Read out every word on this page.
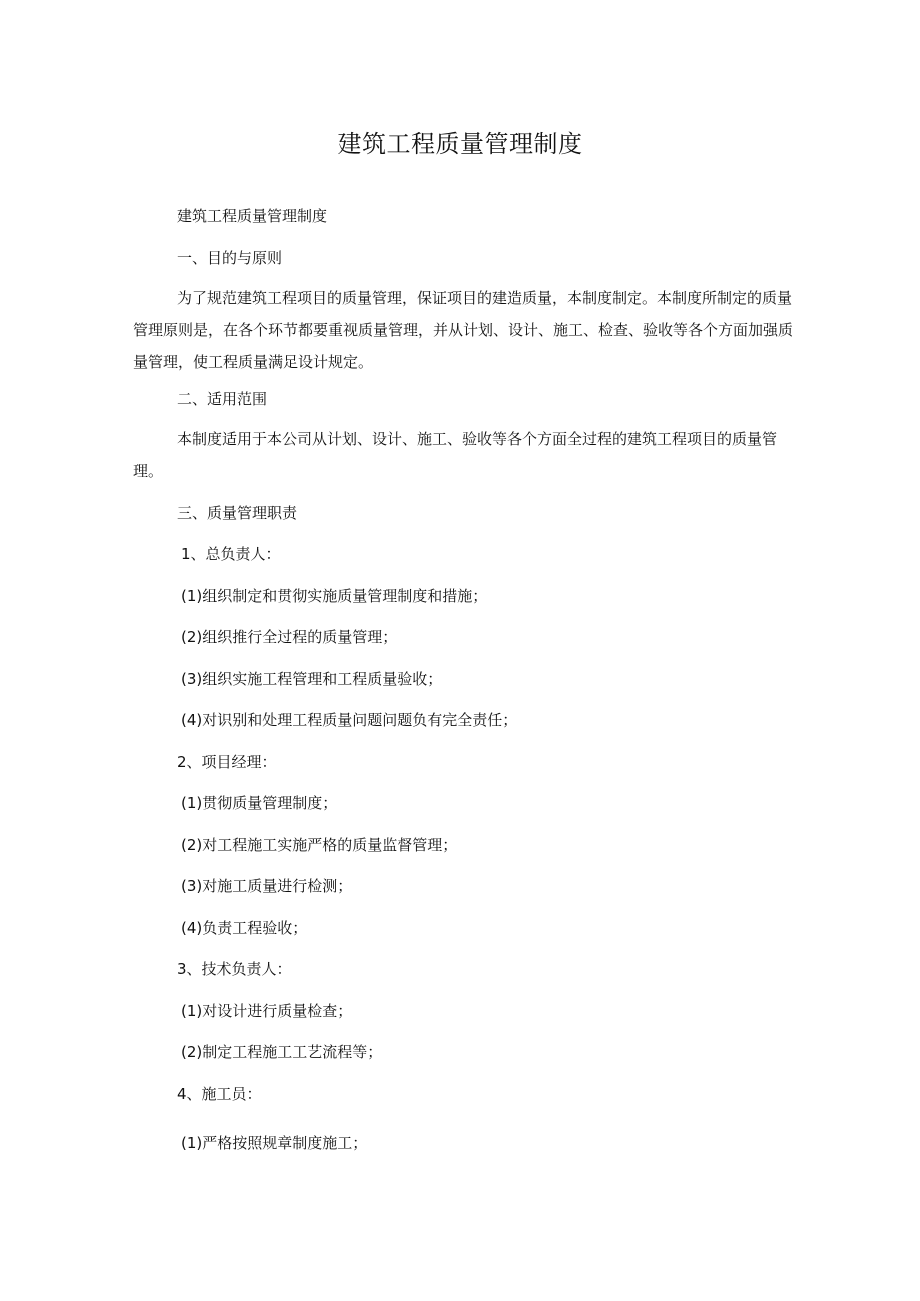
建筑工程质量管理制度

建筑工程质量管理制度

一、目的与原则

为了规范建筑工程项目的质量管理，保证项目的建造质量，本制度制定。本制度所制定的质量管理原则是，在各个环节都要重视质量管理，并从计划、设计、施工、检查、验收等各个方面加强质量管理，使工程质量满足设计规定。

二、适用范围

本制度适用于本公司从计划、设计、施工、验收等各个方面全过程的建筑工程项目的质量管理。

三、质量管理职责

1、总负责人：

(1)组织制定和贯彻实施质量管理制度和措施；

(2)组织推行全过程的质量管理；

(3)组织实施工程管理和工程质量验收；

(4)对识别和处理工程质量问题问题负有完全责任；

2、项目经理：

(1)贯彻质量管理制度；

(2)对工程施工实施严格的质量监督管理；

(3)对施工质量进行检测；

(4)负责工程验收；

3、技术负责人：

(1)对设计进行质量检查；

(2)制定工程施工工艺流程等；

4、施工员：

(1)严格按照规章制度施工；
